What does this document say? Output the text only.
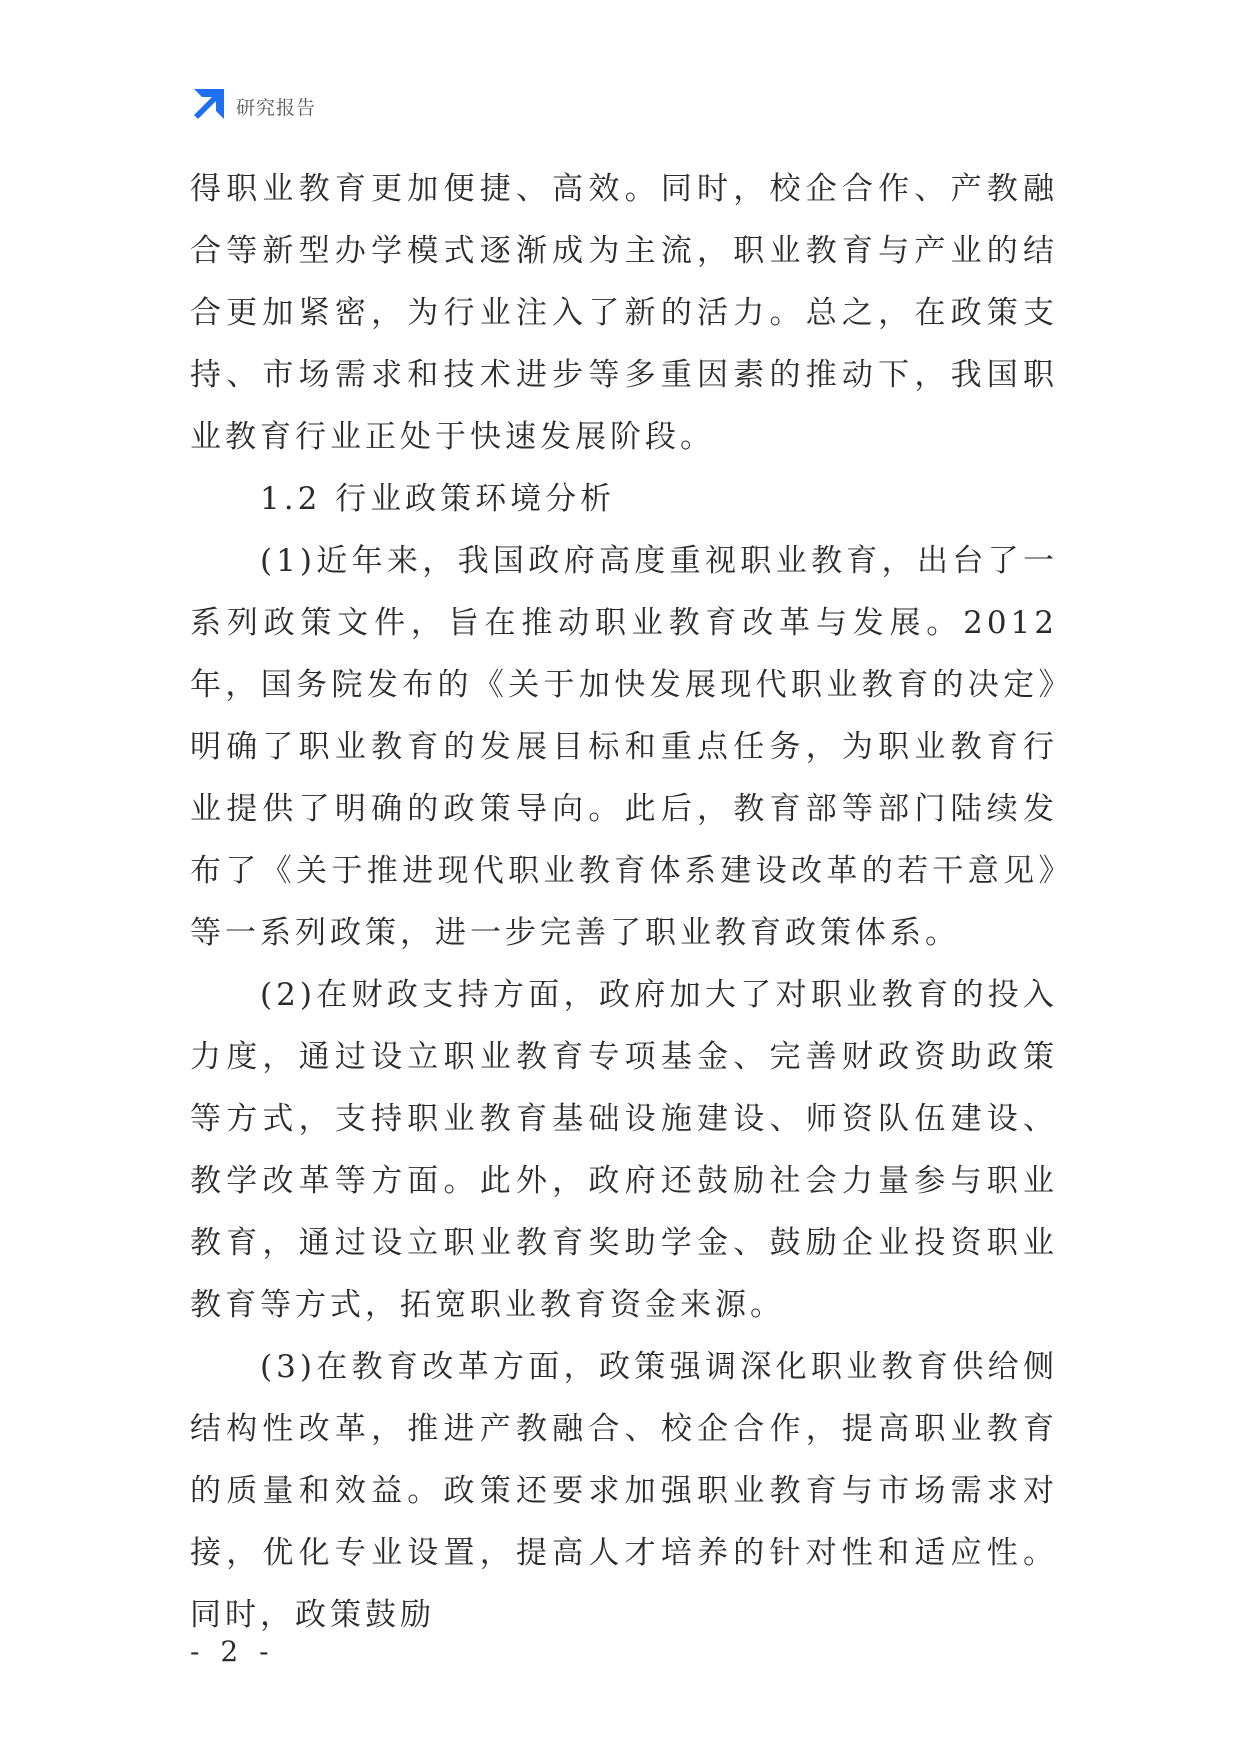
研究报告

得职业教育更加便捷、高效。同时，校企合作、产教融合等新型办学模式逐渐成为主流，职业教育与产业的结合更加紧密，为行业注入了新的活力。总之，在政策支持、市场需求和技术进步等多重因素的推动下，我国职业教育行业正处于快速发展阶段。

1.2 行业政策环境分析

(1)近年来，我国政府高度重视职业教育，出台了一系列政策文件，旨在推动职业教育改革与发展。2012 年，国务院发布的《关于加快发展现代职业教育的决定》明确了职业教育的发展目标和重点任务，为职业教育行业提供了明确的政策导向。此后，教育部等部门陆续发布了《关于推进现代职业教育体系建设改革的若干意见》等一系列政策，进一步完善了职业教育政策体系。

(2)在财政支持方面，政府加大了对职业教育的投入力度，通过设立职业教育专项基金、完善财政资助政策等方式，支持职业教育基础设施建设、师资队伍建设、教学改革等方面。此外，政府还鼓励社会力量参与职业教育，通过设立职业教育奖助学金、鼓励企业投资职业教育等方式，拓宽职业教育资金来源。

(3)在教育改革方面，政策强调深化职业教育供给侧结构性改革，推进产教融合、校企合作，提高职业教育的质量和效益。政策还要求加强职业教育与市场需求对接，优化专业设置，提高人才培养的针对性和适应性。同时，政策鼓励

- 2 -
